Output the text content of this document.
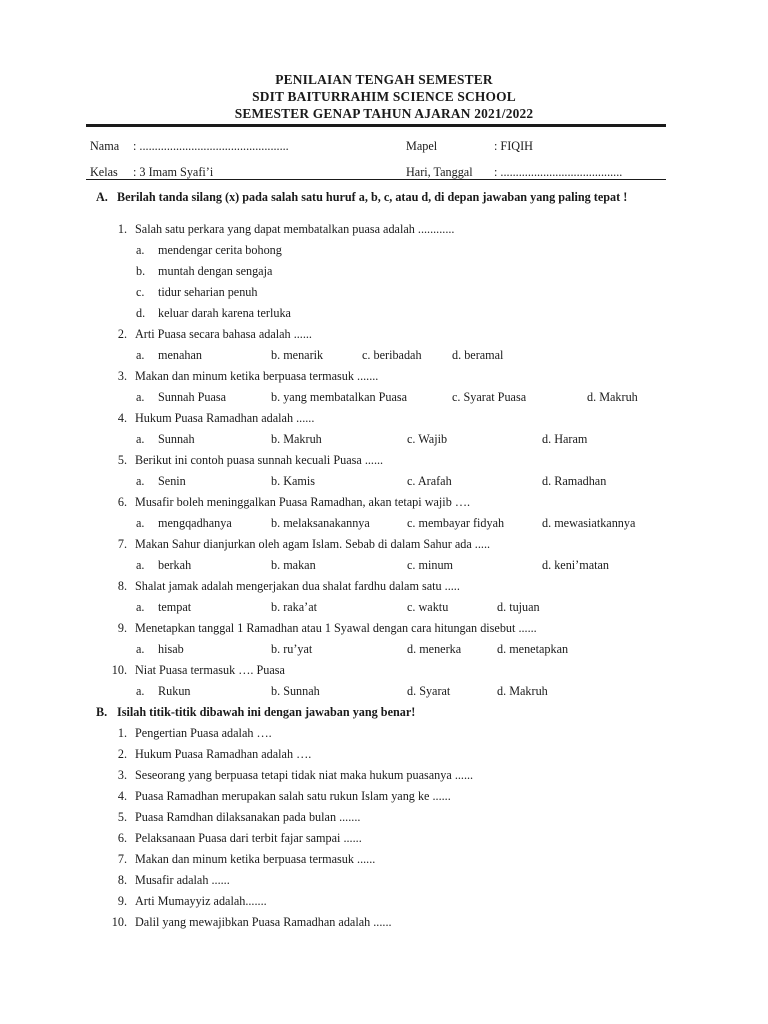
PENILAIAN TENGAH SEMESTER
SDIT BAITURRAHIM SCIENCE SCHOOL
SEMESTER GENAP TAHUN AJARAN 2021/2022
Nama : .................................................	Mapel	: FIQIH
Kelas : 3 Imam Syafi’i	Hari, Tanggal : ........................................
A. Berilah tanda silang (x) pada salah satu huruf a, b, c, atau d, di depan jawaban yang paling tepat !
1. Salah satu perkara yang dapat membatalkan puasa adalah ............
a. mendengar cerita bohong
b. muntah dengan sengaja
c. tidur seharian penuh
d. keluar darah karena terluka
2. Arti Puasa secara bahasa adalah ......
a. menahan	b. menarik	c. beribadah d. beramal
3. Makan dan minum ketika berpuasa termasuk .......
a. Sunnah Puasa	b. yang membatalkan Puasa	c. Syarat Puasa	d. Makruh
4. Hukum Puasa Ramadhan adalah ......
a. Sunnah	b. Makruh	c. Wajib	d. Haram
5. Berikut ini contoh puasa sunnah kecuali Puasa ......
a. Senin	b. Kamis	c. Arafah	d. Ramadhan
6. Musafir boleh meninggalkan Puasa Ramadhan, akan tetapi wajib ….
a. mengqadhanya	b. melaksanakannya	c. membayar fidyah	d. mewasiatkannya
7. Makan Sahur dianjurkan oleh agam Islam. Sebab di dalam Sahur ada .....
a. berkah	b. makan	c. minum	d. keni’matan
8. Shalat jamak adalah mengerjakan dua shalat fardhu dalam satu .....
a. tempat	b. raka’at	c. waktu	d. tujuan
9. Menetapkan tanggal 1 Ramadhan atau 1 Syawal dengan cara hitungan disebut ......
a. hisab	b. ru’yat	d. menerka	d. menetapkan
10. Niat Puasa termasuk …. Puasa
a. Rukun	b. Sunnah	d. Syarat	d. Makruh
B. Isilah titik-titik dibawah ini dengan jawaban yang benar!
1. Pengertian Puasa adalah ….
2. Hukum Puasa Ramadhan adalah ….
3. Seseorang yang berpuasa tetapi tidak niat maka hukum puasanya ......
4. Puasa Ramadhan merupakan salah satu rukun Islam yang ke ......
5. Puasa Ramdhan dilaksanakan pada bulan .......
6. Pelaksanaan Puasa dari terbit fajar sampai ......
7. Makan dan minum ketika berpuasa termasuk ......
8. Musafir adalah ......
9. Arti Mumayyiz adalah.......
10. Dalil yang mewajibkan Puasa Ramadhan adalah ......
